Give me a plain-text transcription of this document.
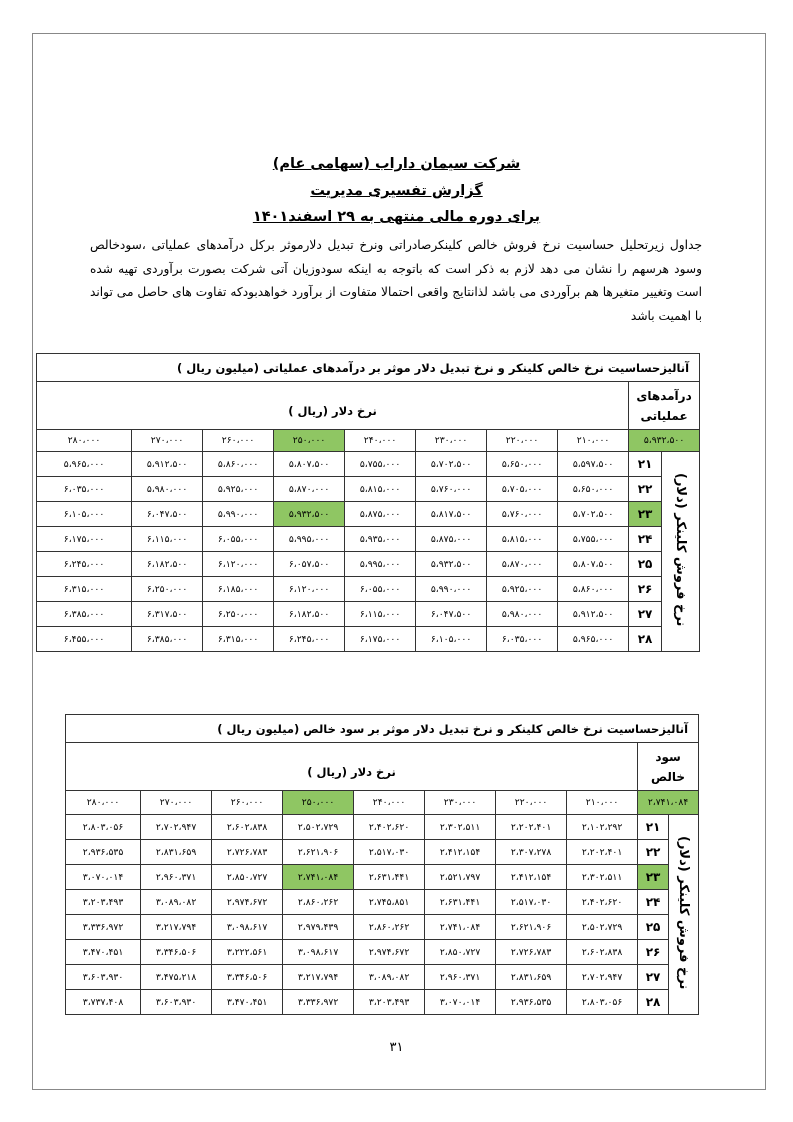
شرکت سیمان داراب (سهامی عام)
گزارش تفسیری مدیریت
برای دوره مالی منتهی به ۲۹ اسفند۱۴۰۱
جداول زیرتحلیل حساسیت نرخ فروش خالص کلینکرصادراتی ونرخ تبدیل دلارموثر برکل درآمدهای عملیاتی ،سودخالص وسود هرسهم را نشان می دهد لازم به ذکر است که باتوجه به اینکه سودوزیان آتی شرکت بصورت برآوردی تهیه شده است وتغییر متغیرها هم برآوردی می باشد لذانتایج واقعی احتمالا متفاوت از برآورد خواهدبودکه تفاوت های حاصل می تواند با اهمیت باشد
آنالیزحساسیت نرخ خالص کلینکر و نرخ تبدیل دلار موثر بر درآمدهای عملیاتی (میلیون ریال )									

درآمدهای
عملیاتی		نرخ دلار (ریال )							
۵،۹۳۲،۵۰۰		۲۱۰،۰۰۰	۲۲۰،۰۰۰	۲۳۰،۰۰۰	۲۴۰،۰۰۰	۲۵۰،۰۰۰	۲۶۰،۰۰۰	۲۷۰،۰۰۰	۲۸۰،۰۰۰
نرخ فروش کلینکر (دلار)	۲۱	۵،۵۹۷،۵۰۰	۵،۶۵۰،۰۰۰	۵،۷۰۲،۵۰۰	۵،۷۵۵،۰۰۰	۵،۸۰۷،۵۰۰	۵،۸۶۰،۰۰۰	۵،۹۱۲،۵۰۰	۵،۹۶۵،۰۰۰
	۲۲	۵،۶۵۰،۰۰۰	۵،۷۰۵،۰۰۰	۵،۷۶۰،۰۰۰	۵،۸۱۵،۰۰۰	۵،۸۷۰،۰۰۰	۵،۹۲۵،۰۰۰	۵،۹۸۰،۰۰۰	۶،۰۳۵،۰۰۰
	۲۳	۵،۷۰۲،۵۰۰	۵،۷۶۰،۰۰۰	۵،۸۱۷،۵۰۰	۵،۸۷۵،۰۰۰	۵،۹۳۲،۵۰۰	۵،۹۹۰،۰۰۰	۶،۰۴۷،۵۰۰	۶،۱۰۵،۰۰۰
	۲۴	۵،۷۵۵،۰۰۰	۵،۸۱۵،۰۰۰	۵،۸۷۵،۰۰۰	۵،۹۳۵،۰۰۰	۵،۹۹۵،۰۰۰	۶،۰۵۵،۰۰۰	۶،۱۱۵،۰۰۰	۶،۱۷۵،۰۰۰
	۲۵	۵،۸۰۷،۵۰۰	۵،۸۷۰،۰۰۰	۵،۹۳۲،۵۰۰	۵،۹۹۵،۰۰۰	۶،۰۵۷،۵۰۰	۶،۱۲۰،۰۰۰	۶،۱۸۲،۵۰۰	۶،۲۴۵،۰۰۰
	۲۶	۵،۸۶۰،۰۰۰	۵،۹۲۵،۰۰۰	۵،۹۹۰،۰۰۰	۶،۰۵۵،۰۰۰	۶،۱۲۰،۰۰۰	۶،۱۸۵،۰۰۰	۶،۲۵۰،۰۰۰	۶،۳۱۵،۰۰۰
	۲۷	۵،۹۱۲،۵۰۰	۵،۹۸۰،۰۰۰	۶،۰۴۷،۵۰۰	۶،۱۱۵،۰۰۰	۶،۱۸۲،۵۰۰	۶،۲۵۰،۰۰۰	۶،۳۱۷،۵۰۰	۶،۳۸۵،۰۰۰
	۲۸	۵،۹۶۵،۰۰۰	۶،۰۳۵،۰۰۰	۶،۱۰۵،۰۰۰	۶،۱۷۵،۰۰۰	۶،۲۴۵،۰۰۰	۶،۳۱۵،۰۰۰	۶،۳۸۵،۰۰۰	۶،۴۵۵،۰۰۰
آنالیزحساسیت نرخ خالص کلینکر و نرخ تبدیل دلار موثر بر سود خالص (میلیون ریال )									

سود
خالص		نرخ دلار (ریال )							
۲،۷۴۱،۰۸۴		۲۱۰،۰۰۰	۲۲۰،۰۰۰	۲۳۰،۰۰۰	۲۴۰،۰۰۰	۲۵۰،۰۰۰	۲۶۰،۰۰۰	۲۷۰،۰۰۰	۲۸۰،۰۰۰
نرخ فروش کلینکر (دلار)	۲۱	۲،۱۰۲،۲۹۲	۲،۲۰۲،۴۰۱	۲،۳۰۲،۵۱۱	۲،۴۰۲،۶۲۰	۲،۵۰۲،۷۲۹	۲،۶۰۲،۸۳۸	۲،۷۰۲،۹۴۷	۲،۸۰۳،۰۵۶
	۲۲	۲،۲۰۲،۴۰۱	۲،۳۰۷،۲۷۸	۲،۴۱۲،۱۵۴	۲،۵۱۷،۰۳۰	۲،۶۲۱،۹۰۶	۲،۷۲۶،۷۸۳	۲،۸۳۱،۶۵۹	۲،۹۳۶،۵۳۵
	۲۳	۲،۳۰۲،۵۱۱	۲،۴۱۲،۱۵۴	۲،۵۲۱،۷۹۷	۲،۶۳۱،۴۴۱	۲،۷۴۱،۰۸۴	۲،۸۵۰،۷۲۷	۲،۹۶۰،۳۷۱	۳،۰۷۰،۰۱۴
	۲۴	۲،۴۰۲،۶۲۰	۲،۵۱۷،۰۳۰	۲،۶۳۱،۴۴۱	۲،۷۴۵،۸۵۱	۲،۸۶۰،۲۶۲	۲،۹۷۴،۶۷۲	۳،۰۸۹،۰۸۲	۳،۲۰۳،۴۹۳
	۲۵	۲،۵۰۲،۷۲۹	۲،۶۲۱،۹۰۶	۲،۷۴۱،۰۸۴	۲،۸۶۰،۲۶۲	۲،۹۷۹،۴۳۹	۳،۰۹۸،۶۱۷	۳،۲۱۷،۷۹۴	۳،۳۳۶،۹۷۲
	۲۶	۲،۶۰۲،۸۳۸	۲،۷۲۶،۷۸۳	۲،۸۵۰،۷۲۷	۲،۹۷۴،۶۷۲	۳،۰۹۸،۶۱۷	۳،۲۲۲،۵۶۱	۳،۳۴۶،۵۰۶	۳،۴۷۰،۴۵۱
	۲۷	۲،۷۰۲،۹۴۷	۲،۸۳۱،۶۵۹	۲،۹۶۰،۳۷۱	۳،۰۸۹،۰۸۲	۳،۲۱۷،۷۹۴	۳،۳۴۶،۵۰۶	۳،۴۷۵،۲۱۸	۳،۶۰۳،۹۳۰
	۲۸	۲،۸۰۳،۰۵۶	۲،۹۳۶،۵۳۵	۳،۰۷۰،۰۱۴	۳،۲۰۳،۴۹۳	۳،۳۳۶،۹۷۲	۳،۴۷۰،۴۵۱	۳،۶۰۳،۹۳۰	۳،۷۳۷،۴۰۸
۳۱
